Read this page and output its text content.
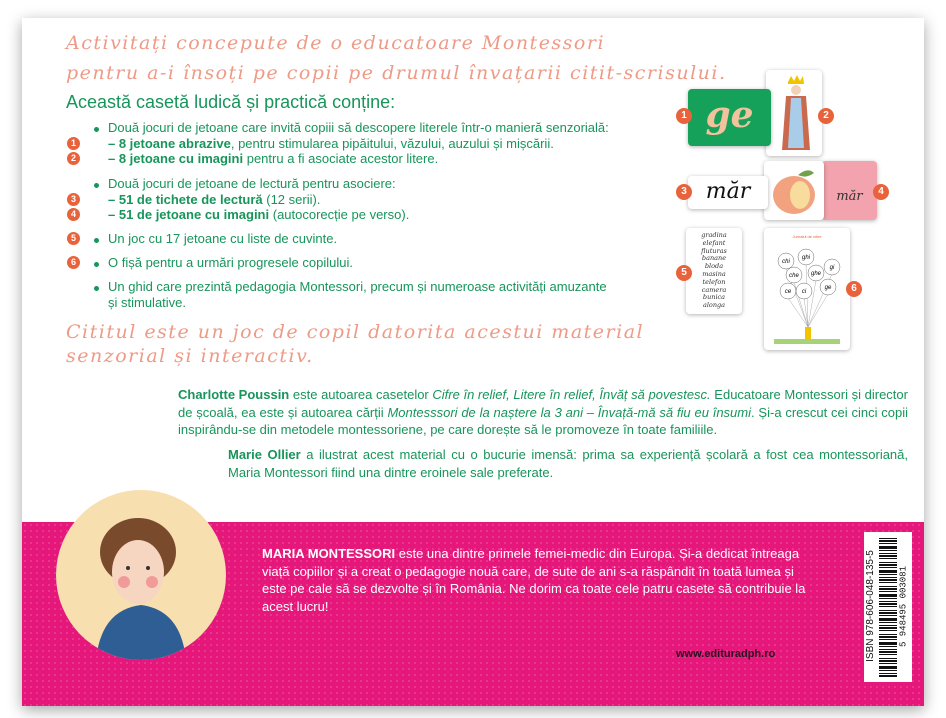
Activitați concepute de o educatoare Montessori
pentru a-i însoți pe copii pe drumul învațarii citit-scrisului.
Această casetă ludică și practică conține:
Două jocuri de jetoane care invită copiii să descopere literele într-o manieră senzorială:
1	– 8 jetoane abrazive, pentru stimularea pipăitului, văzului, auzului și mișcării.
2	– 8 jetoane cu imagini pentru a fi asociate acestor litere.
Două jocuri de jetoane de lectură pentru asociere:
3	– 51 de tichete de lectură (12 serii).
4	– 51 de jetoane cu imagini (autocorecție pe verso).
5	Un joc cu 17 jetoane cu liste de cuvinte.
6	O fișă pentru a urmări progresele copilului.
Un ghid care prezintă pedagogia Montessori, precum și numeroase activități amuzante
și stimulative.
Cititul este un joc de copil datorita acestui material senzorial și interactiv.
ge
1	2
măr
măr
3	4
gradina
elefant
fluturas
banane
bloda
masina
telefon
camera
bunica
alonga
5
Jurnalul de citire
chi
ghi
che ghe
gi
ce ci
ge	6
Charlotte Poussin este autoarea casetelor Cifre în relief, Litere în relief, Învăț să povestesc. Educatoare Montessori și director de școală, ea este și autoarea cărții Montesssori de la naștere la 3 ani – Învață-mă să fiu eu însumi. Și-a crescut cei cinci copii inspirându-se din metodele montessoriene, pe care dorește să le promoveze în toate familiile.
Marie Ollier a ilustrat acest material cu o bucurie imensă: prima sa experiență școlară a fost cea montessoriană, Maria Montessori fiind una dintre eroinele sale preferate.
MARIA MONTESSORI este una dintre primele femei-medic din Europa. Și-a dedicat întreaga viață copiilor și a creat o pedagogie nouă care, de sute de ani s-a răspândit în toată lumea și este pe cale să se dezvolte și în România. Ne dorim ca toate cele patru casete să contribuie la acest lucru!
www.edituradph.ro	ISBN 978-606-048-135-5	5 948495 003081
